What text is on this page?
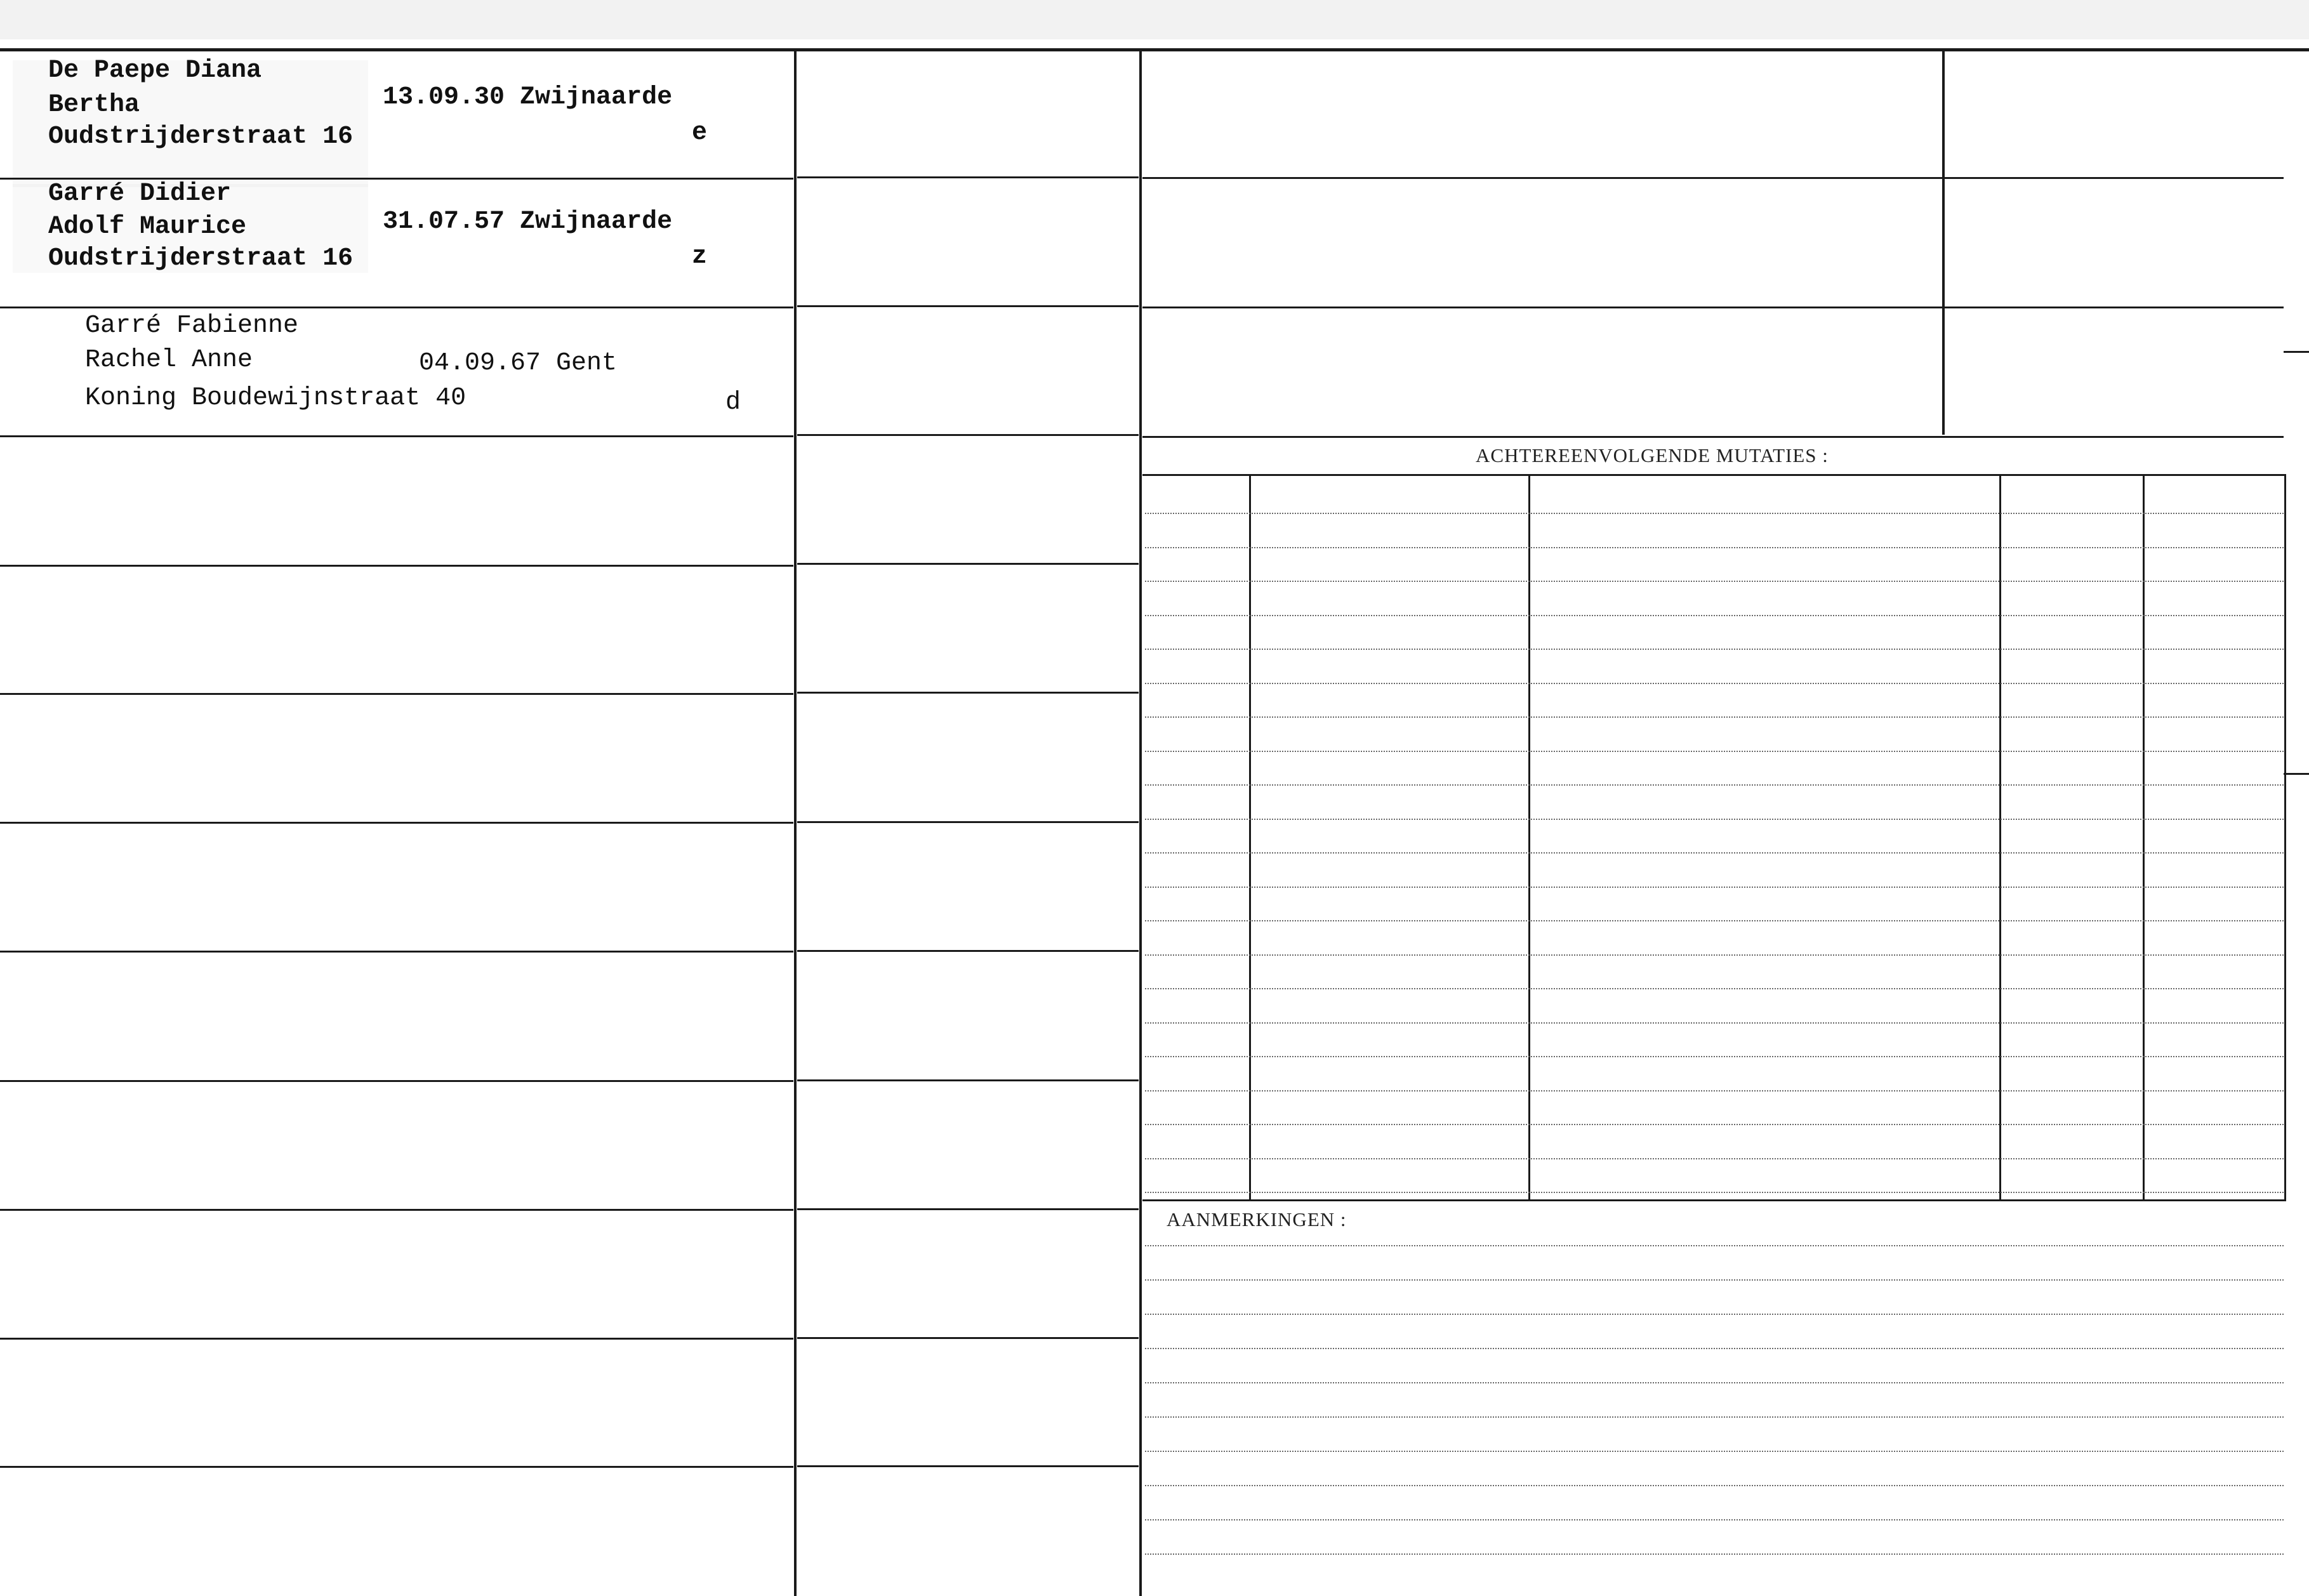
De Paepe Diana
Bertha	13.09.30 Zwijnaarde
Oudstrijderstraat 16	e
Garré Didier
Adolf Maurice	31.07.57 Zwijnaarde
Oudstrijderstraat 16	z
Garré Fabienne
Rachel Anne	04.09.67 Gent
Koning Boudewijnstraat 40	d
ACHTEREENVOLGENDE MUTATIES :
AANMERKINGEN :
